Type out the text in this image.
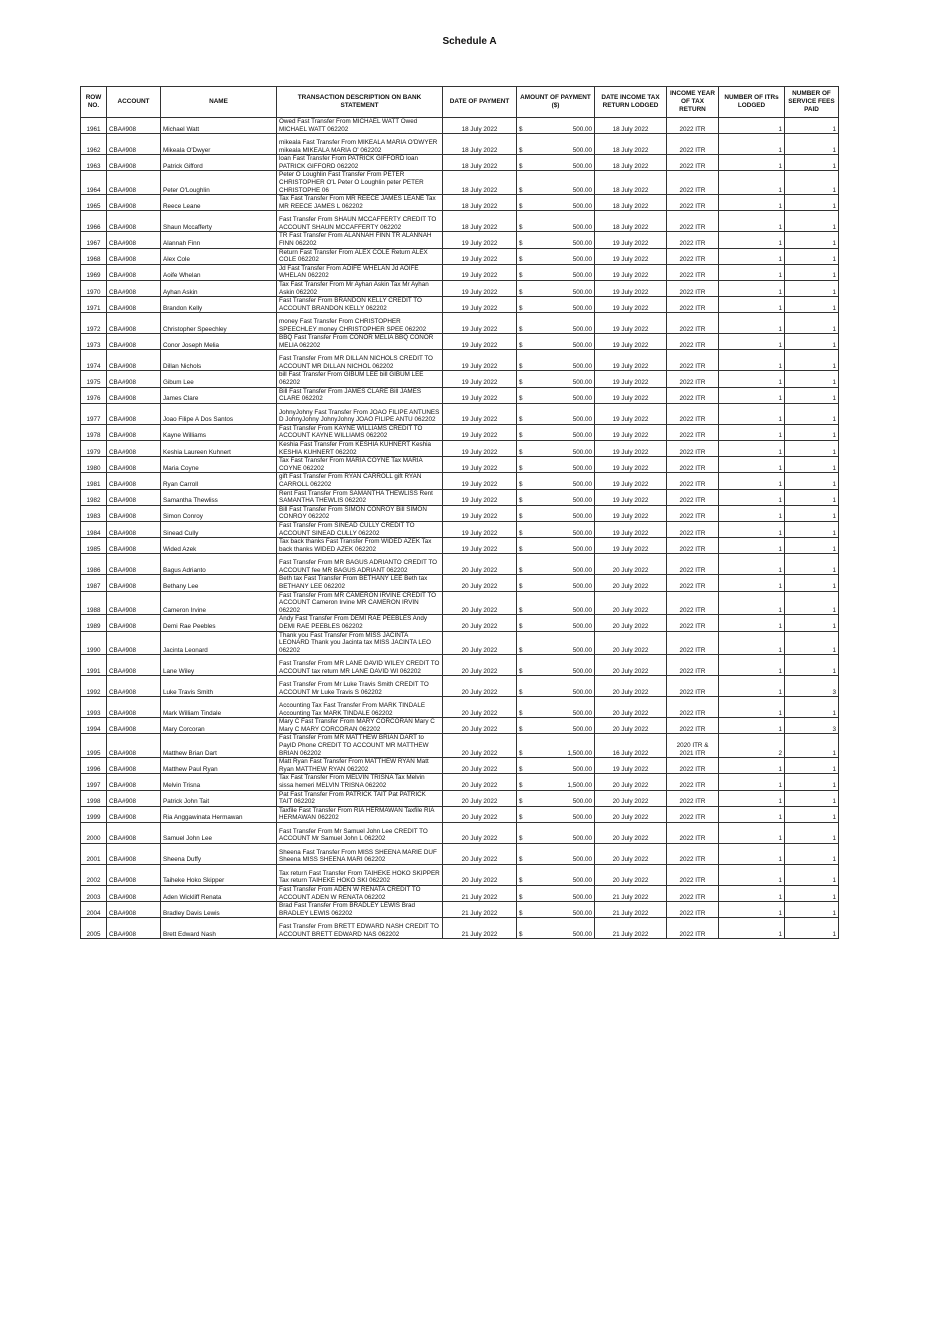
Schedule A
ROW NO.	ACCOUNT	NAME	TRANSACTION DESCRIPTION ON BANK STATEMENT	DATE OF PAYMENT	AMOUNT OF PAYMENT ($)	DATE INCOME TAX RETURN LODGED	INCOME YEAR OF TAX RETURN	NUMBER OF ITRs LODGED	NUMBER OF SERVICE FEES PAID
1961	CBA#908	Michael Watt	Owed Fast Transfer From MICHAEL WATT Owed MICHAEL WATT 062202	18 July 2022	$ 500.00	18 July 2022	2022 ITR	1	1
1962	CBA#908	Mikeala O'Dwyer	mikeala Fast Transfer From MIKEALA MARIA O'DWYER mikeala MIKEALA MARIA O' 062202	18 July 2022	$ 500.00	18 July 2022	2022 ITR	1	1
1963	CBA#908	Patrick Gifford	loan Fast Transfer From PATRICK GIFFORD loan PATRICK GIFFORD 062202	18 July 2022	$ 500.00	18 July 2022	2022 ITR	1	1
1964	CBA#908	Peter O'Loughlin	Peter O Loughlin Fast Transfer From PETER CHRISTOPHER O'L Peter O Loughlin peter PETER CHRISTOPHE 06	18 July 2022	$ 500.00	18 July 2022	2022 ITR	1	1
1965	CBA#908	Reece Leane	Tax Fast Transfer From MR REECE JAMES LEANE Tax MR REECE JAMES L 062202	18 July 2022	$ 500.00	18 July 2022	2022 ITR	1	1
1966	CBA#908	Shaun Mccafferty	Fast Transfer From SHAUN MCCAFFERTY CREDIT TO ACCOUNT SHAUN MCCAFFERTY 062202	18 July 2022	$ 500.00	18 July 2022	2022 ITR	1	1
1967	CBA#908	Alannah Finn	TR Fast Transfer From ALANNAH FINN TR ALANNAH FINN 062202	19 July 2022	$ 500.00	19 July 2022	2022 ITR	1	1
1968	CBA#908	Alex Cole	Return Fast Transfer From ALEX COLE Return ALEX COLE 062202	19 July 2022	$ 500.00	19 July 2022	2022 ITR	1	1
1969	CBA#908	Aoife Whelan	Jd Fast Transfer From AOIFE WHELAN Jd AOIFE WHELAN 062202	19 July 2022	$ 500.00	19 July 2022	2022 ITR	1	1
1970	CBA#908	Ayhan Askin	Tax Fast Transfer From Mr Ayhan Askin Tax Mr Ayhan Askin 062202	19 July 2022	$ 500.00	19 July 2022	2022 ITR	1	1
1971	CBA#908	Brandon Kelly	Fast Transfer From BRANDON KELLY CREDIT TO ACCOUNT BRANDON KELLY 062202	19 July 2022	$ 500.00	19 July 2022	2022 ITR	1	1
1972	CBA#908	Christopher Speechley	money Fast Transfer From CHRISTOPHER SPEECHLEY money CHRISTOPHER SPEE 062202	19 July 2022	$ 500.00	19 July 2022	2022 ITR	1	1
1973	CBA#908	Conor Joseph Melia	BBQ Fast Transfer From CONOR MELIA BBQ CONOR MELIA 062202	19 July 2022	$ 500.00	19 July 2022	2022 ITR	1	1
1974	CBA#908	Dillan Nichols	Fast Transfer From MR DILLAN NICHOLS CREDIT TO ACCOUNT MR DILLAN NICHOL 062202	19 July 2022	$ 500.00	19 July 2022	2022 ITR	1	1
1975	CBA#908	Gibum Lee	bill Fast Transfer From GIBUM LEE bill GIBUM LEE 062202	19 July 2022	$ 500.00	19 July 2022	2022 ITR	1	1
1976	CBA#908	James Clare	Bill Fast Transfer From JAMES CLARE Bill JAMES CLARE 062202	19 July 2022	$ 500.00	19 July 2022	2022 ITR	1	1
1977	CBA#908	Joao Filipe A Dos Santos	JohnyJohny Fast Transfer From JOAO FILIPE ANTUNES D JohnyJohny JohnyJohny JOAO FILIPE ANTU 062202	19 July 2022	$ 500.00	19 July 2022	2022 ITR	1	1
1978	CBA#908	Kayne Williams	Fast Transfer From KAYNE WILLIAMS CREDIT TO ACCOUNT KAYNE WILLIAMS 062202	19 July 2022	$ 500.00	19 July 2022	2022 ITR	1	1
1979	CBA#908	Keshia Laureen Kuhnert	Keshia Fast Transfer From KESHIA KUHNERT Keshia KESHIA KUHNERT 062202	19 July 2022	$ 500.00	19 July 2022	2022 ITR	1	1
1980	CBA#908	Maria Coyne	Tax Fast Transfer From MARIA COYNE Tax MARIA COYNE 062202	19 July 2022	$ 500.00	19 July 2022	2022 ITR	1	1
1981	CBA#908	Ryan Carroll	gift Fast Transfer From RYAN CARROLL gift RYAN CARROLL 062202	19 July 2022	$ 500.00	19 July 2022	2022 ITR	1	1
1982	CBA#908	Samantha Thewliss	Rent Fast Transfer From SAMANTHA THEWLISS Rent SAMANTHA THEWLIS 062202	19 July 2022	$ 500.00	19 July 2022	2022 ITR	1	1
1983	CBA#908	Simon Conroy	Bill Fast Transfer From SIMON CONROY Bill SIMON CONROY 062202	19 July 2022	$ 500.00	19 July 2022	2022 ITR	1	1
1984	CBA#908	Sinead Cully	Fast Transfer From SINEAD CULLY CREDIT TO ACCOUNT SINEAD CULLY 062202	19 July 2022	$ 500.00	19 July 2022	2022 ITR	1	1
1985	CBA#908	Wided Azek	Tax back thanks Fast Transfer From WIDED AZEK Tax back thanks WIDED AZEK 062202	19 July 2022	$ 500.00	19 July 2022	2022 ITR	1	1
1986	CBA#908	Bagus Adrianto	Fast Transfer From MR BAGUS ADRIANTO CREDIT TO ACCOUNT fee MR BAGUS ADRIANT 062202	20 July 2022	$ 500.00	20 July 2022	2022 ITR	1	1
1987	CBA#908	Bethany Lee	Beth tax Fast Transfer From BETHANY LEE Beth tax BETHANY LEE 062202	20 July 2022	$ 500.00	20 July 2022	2022 ITR	1	1
1988	CBA#908	Cameron Irvine	Fast Transfer From MR CAMERON IRVINE CREDIT TO ACCOUNT Cameron Irvine MR CAMERON IRVIN 062202	20 July 2022	$ 500.00	20 July 2022	2022 ITR	1	1
1989	CBA#908	Demi Rae Peebles	Andy Fast Transfer From DEMI RAE PEEBLES Andy DEMI RAE PEEBLES 062202	20 July 2022	$ 500.00	20 July 2022	2022 ITR	1	1
1990	CBA#908	Jacinta Leonard	Thank you Fast Transfer From MISS JACINTA LEONARD Thank you Jacinta tax MISS JACINTA LEO 062202	20 July 2022	$ 500.00	20 July 2022	2022 ITR	1	1
1991	CBA#908	Lane Wiley	Fast Transfer From MR LANE DAVID WILEY CREDIT TO ACCOUNT tax return MR LANE DAVID WI 062202	20 July 2022	$ 500.00	20 July 2022	2022 ITR	1	1
1992	CBA#908	Luke Travis Smith	Fast Transfer From Mr Luke Travis Smith CREDIT TO ACCOUNT Mr Luke Travis S 062202	20 July 2022	$ 500.00	20 July 2022	2022 ITR	1	3
1993	CBA#908	Mark William Tindale	Accounting Tax Fast Transfer From MARK TINDALE Accounting Tax MARK TINDALE 062202	20 July 2022	$ 500.00	20 July 2022	2022 ITR	1	1
1994	CBA#908	Mary Corcoran	Mary C Fast Transfer From MARY CORCORAN Mary C Mary C MARY CORCORAN 062202	20 July 2022	$ 500.00	20 July 2022	2022 ITR	1	3
1995	CBA#908	Matthew Brian Dart	Fast Transfer From MR MATTHEW BRIAN DART to PayID Phone CREDIT TO ACCOUNT MR MATTHEW BRIAN 062202	20 July 2022	$ 1,500.00	16 July 2022	2020 ITR & 2021 ITR	2	1
1996	CBA#908	Matthew Paul Ryan	Matt Ryan Fast Transfer From MATTHEW RYAN Matt Ryan MATTHEW RYAN 062202	20 July 2022	$ 500.00	19 July 2022	2022 ITR	1	1
1997	CBA#908	Melvin Trisna	Tax Fast Transfer From MELVIN TRISNA Tax Melvin sissa hemeri MELVIN TRISNA 062202	20 July 2022	$ 1,500.00	20 July 2022	2022 ITR	1	1
1998	CBA#908	Patrick John Tait	Pat Fast Transfer From PATRICK TAIT Pat PATRICK TAIT 062202	20 July 2022	$ 500.00	20 July 2022	2022 ITR	1	1
1999	CBA#908	Ria Anggawinata Hermawan	Taxfile Fast Transfer From RIA HERMAWAN Taxfile RIA HERMAWAN 062202	20 July 2022	$ 500.00	20 July 2022	2022 ITR	1	1
2000	CBA#908	Samuel John Lee	Fast Transfer From Mr Samuel John Lee CREDIT TO ACCOUNT Mr Samuel John L 062202	20 July 2022	$ 500.00	20 July 2022	2022 ITR	1	1
2001	CBA#908	Sheena Duffy	Sheena Fast Transfer From MISS SHEENA MARIE DUF Sheena MISS SHEENA MARI 062202	20 July 2022	$ 500.00	20 July 2022	2022 ITR	1	1
2002	CBA#908	Taiheke Hoko Skipper	Tax return Fast Transfer From TAIHEKE HOKO SKIPPER Tax return TAIHEKE HOKO SKI 062202	20 July 2022	$ 500.00	20 July 2022	2022 ITR	1	1
2003	CBA#908	Aden Wickliff Renata	Fast Transfer From ADEN W RENATA CREDIT TO ACCOUNT ADEN W RENATA 062202	21 July 2022	$ 500.00	21 July 2022	2022 ITR	1	1
2004	CBA#908	Bradley Davis Lewis	Brad Fast Transfer From BRADLEY LEWIS Brad BRADLEY LEWIS 062202	21 July 2022	$ 500.00	21 July 2022	2022 ITR	1	1
2005	CBA#908	Brett Edward Nash	Fast Transfer From BRETT EDWARD NASH CREDIT TO ACCOUNT BRETT EDWARD NAS 062202	21 July 2022	$ 500.00	21 July 2022	2022 ITR	1	1
